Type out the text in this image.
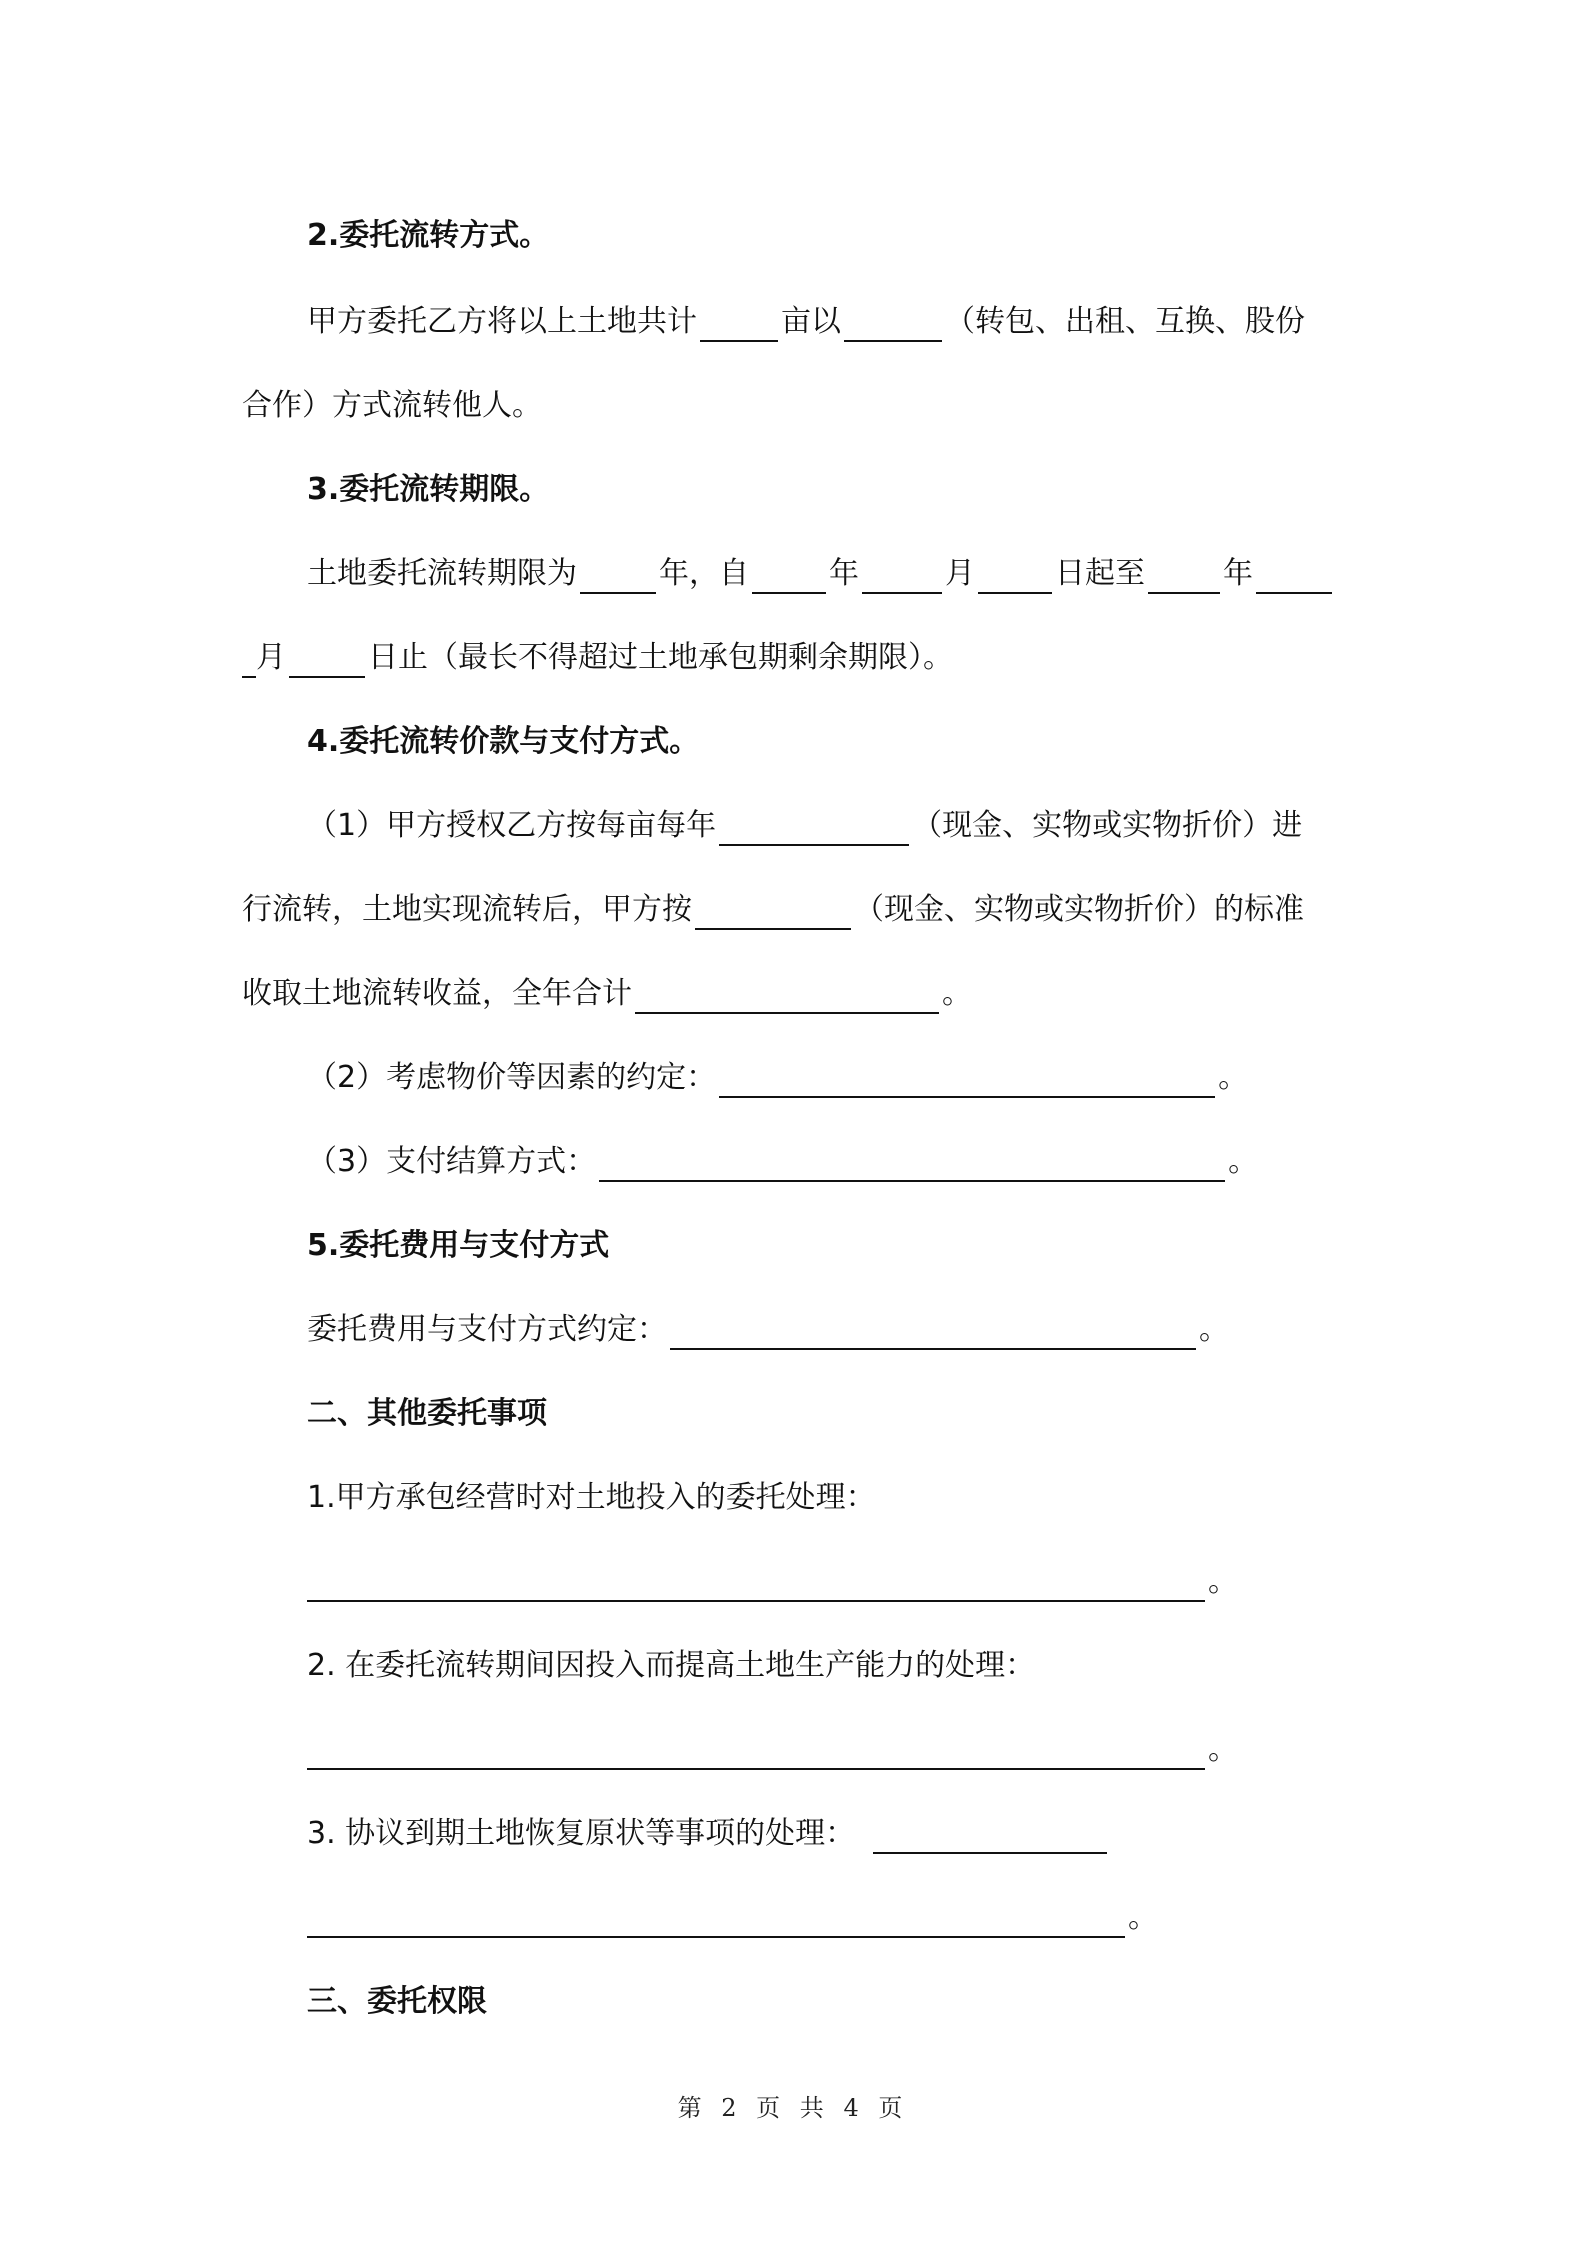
2.委托流转方式。
甲方委托乙方将以上土地共计	亩以	（转包、出租、互换、股份
合作）方式流转他人。
3.委托流转期限。
土地委托流转期限为	年，自	年	月	日起至	年
月	日止（最长不得超过土地承包期剩余期限）。
4.委托流转价款与支付方式。
（1）甲方授权乙方按每亩每年	（现金、实物或实物折价）进
行流转，土地实现流转后，甲方按	（现金、实物或实物折价）的标准
收取土地流转收益，全年合计	。
（2）考虑物价等因素的约定：	。
（3）支付结算方式：	。
5.委托费用与支付方式
委托费用与支付方式约定：	。
二、其他委托事项
1.甲方承包经营时对土地投入的委托处理：
。
2. 在委托流转期间因投入而提高土地生产能力的处理：
。
3. 协议到期土地恢复原状等事项的处理：
。
三、委托权限
第 2 页 共 4 页
